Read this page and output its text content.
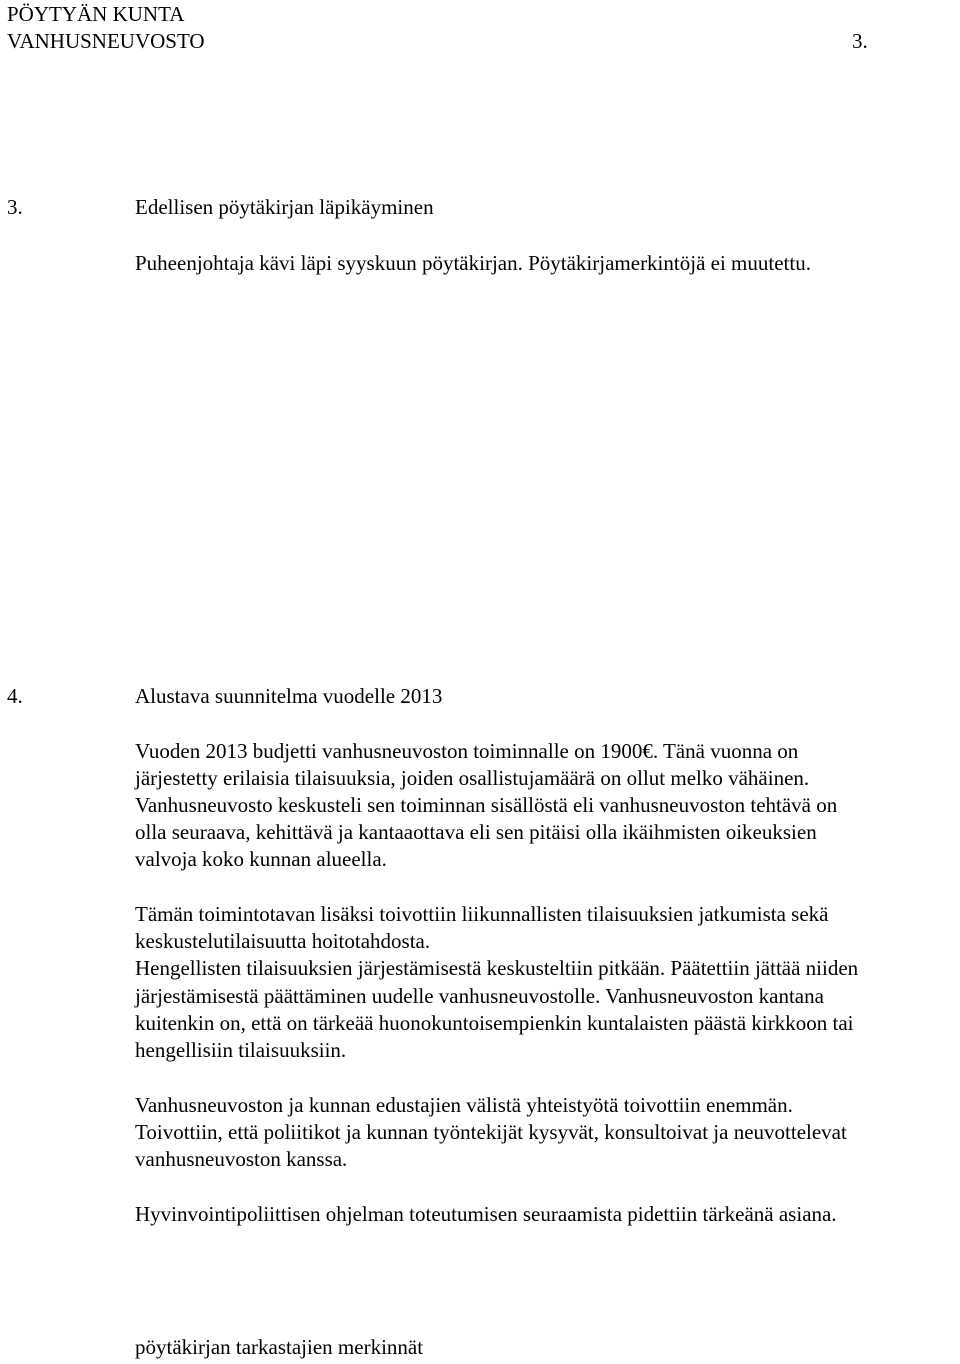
PÖYTYÄN KUNTA
VANHUSNEUVOSTO	3.
3.	Edellisen pöytäkirjan läpikäyminen
Puheenjohtaja kävi läpi syyskuun pöytäkirjan. Pöytäkirjamerkintöjä ei muutettu.
4.	Alustava suunnitelma vuodelle 2013
Vuoden 2013 budjetti vanhusneuvoston toiminnalle on 1900€. Tänä vuonna on
järjestetty erilaisia tilaisuuksia, joiden osallistujamäärä on ollut melko vähäinen.
Vanhusneuvosto keskusteli sen toiminnan sisällöstä eli vanhusneuvoston tehtävä on
olla seuraava, kehittävä ja kantaaottava eli sen pitäisi olla ikäihmisten oikeuksien
valvoja koko kunnan alueella.
Tämän toimintotavan lisäksi toivottiin liikunnallisten tilaisuuksien jatkumista sekä
keskustelutilaisuutta hoitotahdosta.
Hengellisten tilaisuuksien järjestämisestä keskusteltiin pitkään. Päätettiin jättää niiden
järjestämisestä päättäminen uudelle vanhusneuvostolle. Vanhusneuvoston kantana
kuitenkin on, että on tärkeää huonokuntoisempienkin kuntalaisten päästä kirkkoon tai
hengellisiin tilaisuuksiin.
Vanhusneuvoston ja kunnan edustajien välistä yhteistyötä toivottiin enemmän.
Toivottiin, että poliitikot ja kunnan työntekijät kysyvät, konsultoivat ja neuvottelevat
vanhusneuvoston kanssa.
Hyvinvointipoliittisen ohjelman toteutumisen seuraamista pidettiin tärkeänä asiana.
pöytäkirjan tarkastajien merkinnät
